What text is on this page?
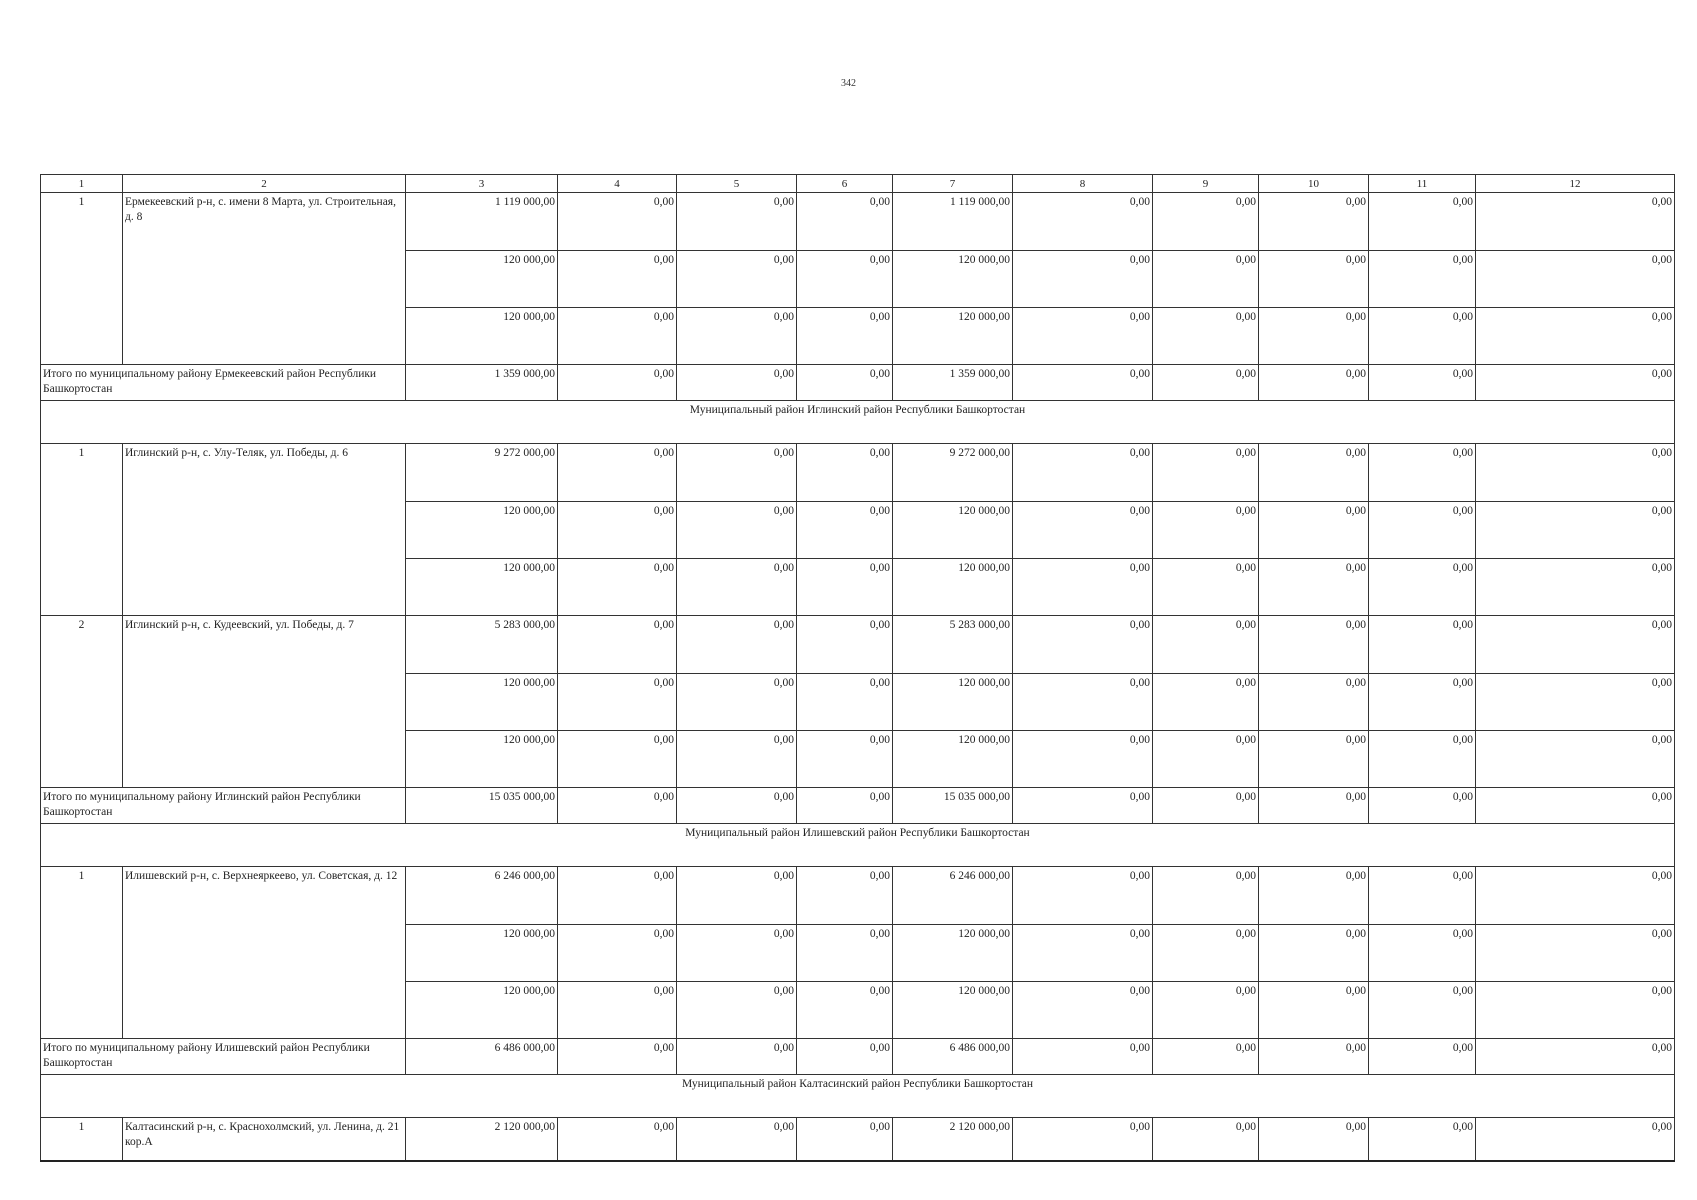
342
1	2	3	4	5	6	7	8	9	10	11	12
1	Ермекеевский р-н, с. имени 8 Марта, ул. Строительная, д. 8	1 119 000,00	0,00	0,00	0,00	1 119 000,00	0,00	0,00	0,00	0,00	0,00
		120 000,00	0,00	0,00	0,00	120 000,00	0,00	0,00	0,00	0,00	0,00
		120 000,00	0,00	0,00	0,00	120 000,00	0,00	0,00	0,00	0,00	0,00
Итого по муниципальному району Ермекеевский район Республики Башкортостан		1 359 000,00	0,00	0,00	0,00	1 359 000,00	0,00	0,00	0,00	0,00	0,00
Муниципальный район Иглинский район Республики Башкортостан											
1	Иглинский р-н, с. Улу-Теляк, ул. Победы, д. 6	9 272 000,00	0,00	0,00	0,00	9 272 000,00	0,00	0,00	0,00	0,00	0,00
		120 000,00	0,00	0,00	0,00	120 000,00	0,00	0,00	0,00	0,00	0,00
		120 000,00	0,00	0,00	0,00	120 000,00	0,00	0,00	0,00	0,00	0,00
2	Иглинский р-н, с. Кудеевский, ул. Победы, д. 7	5 283 000,00	0,00	0,00	0,00	5 283 000,00	0,00	0,00	0,00	0,00	0,00
		120 000,00	0,00	0,00	0,00	120 000,00	0,00	0,00	0,00	0,00	0,00
		120 000,00	0,00	0,00	0,00	120 000,00	0,00	0,00	0,00	0,00	0,00
Итого по муниципальному району Иглинский район Республики Башкортостан		15 035 000,00	0,00	0,00	0,00	15 035 000,00	0,00	0,00	0,00	0,00	0,00
Муниципальный район Илишевский район Республики Башкортостан											
1	Илишевский р-н, с. Верхнеяркеево, ул. Советская, д. 12	6 246 000,00	0,00	0,00	0,00	6 246 000,00	0,00	0,00	0,00	0,00	0,00
		120 000,00	0,00	0,00	0,00	120 000,00	0,00	0,00	0,00	0,00	0,00
		120 000,00	0,00	0,00	0,00	120 000,00	0,00	0,00	0,00	0,00	0,00
Итого по муниципальному району Илишевский район Республики Башкортостан		6 486 000,00	0,00	0,00	0,00	6 486 000,00	0,00	0,00	0,00	0,00	0,00
Муниципальный район Калтасинский район Республики Башкортостан											
1	Калтасинский р-н, с. Краснохолмский, ул. Ленина, д. 21 кор.А	2 120 000,00	0,00	0,00	0,00	2 120 000,00	0,00	0,00	0,00	0,00	0,00
